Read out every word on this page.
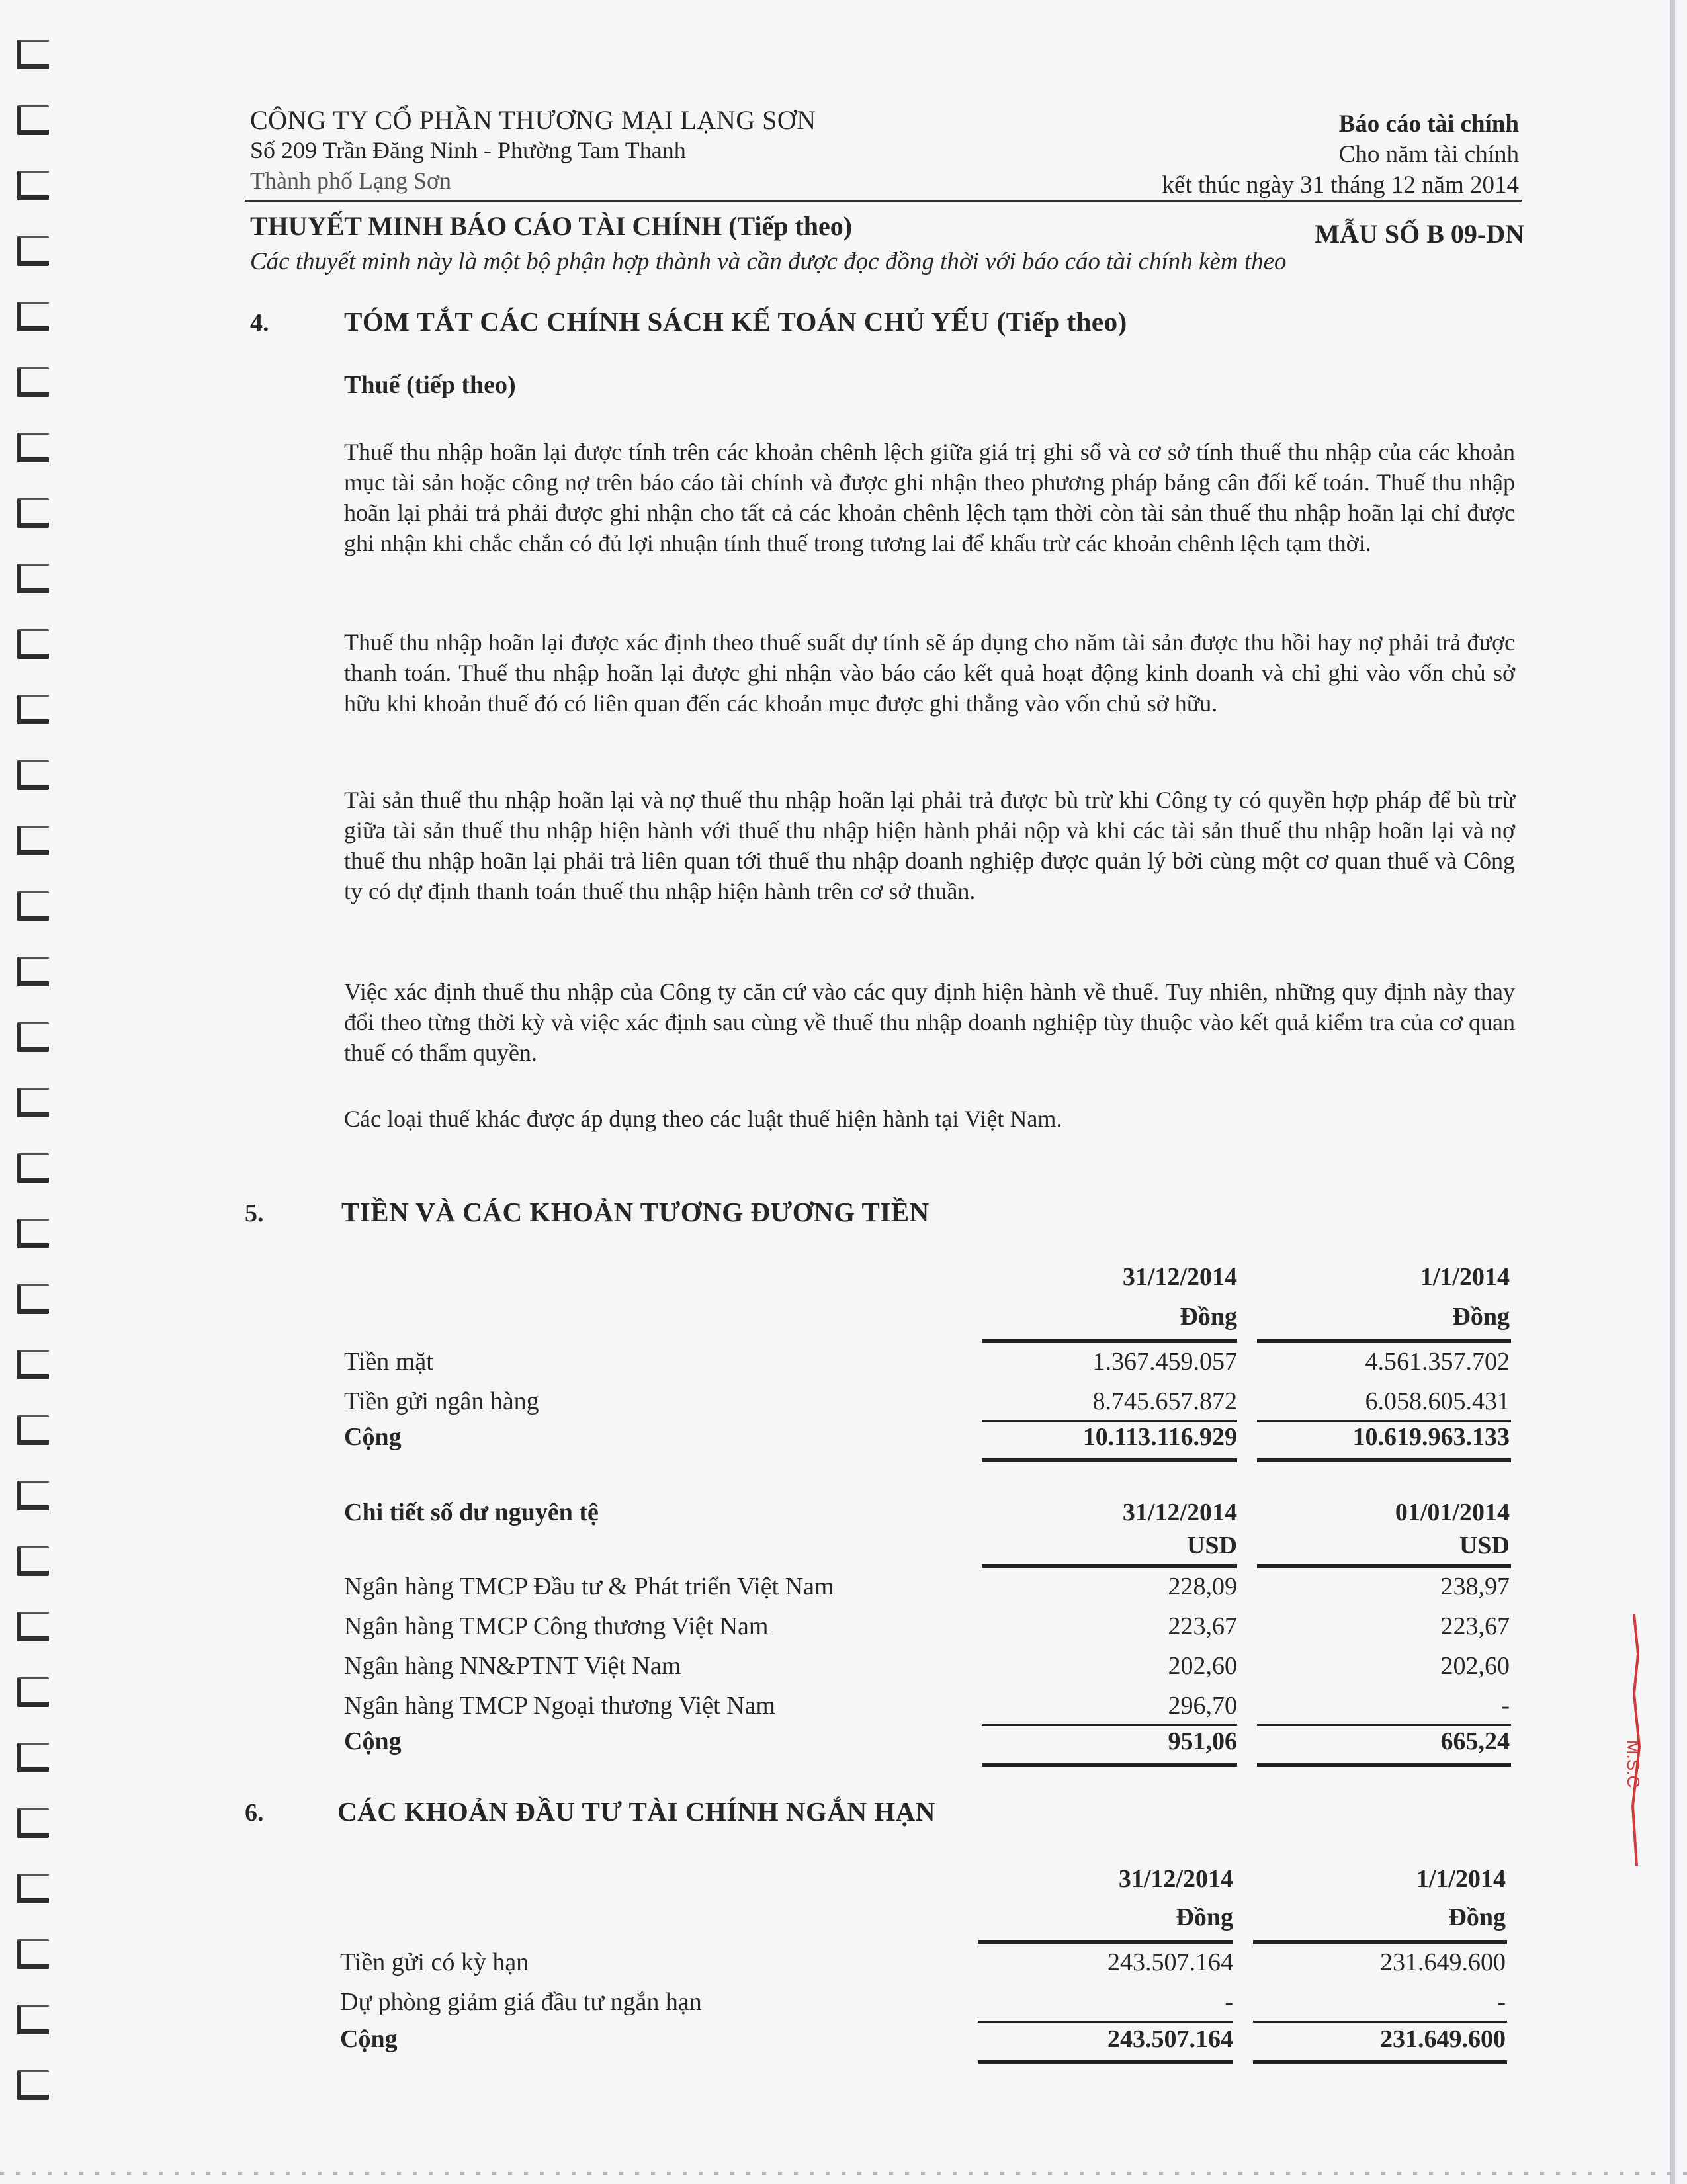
CÔNG TY CỔ PHẦN THƯƠNG MẠI LẠNG SƠN
Số 209 Trần Đăng Ninh - Phường Tam Thanh
Thành phố Lạng Sơn
Báo cáo tài chính
Cho năm tài chính
kết thúc ngày 31 tháng 12 năm 2014
THUYẾT MINH BÁO CÁO TÀI CHÍNH (Tiếp theo)	MẪU SỐ B 09-DN
Các thuyết minh này là một bộ phận hợp thành và cần được đọc đồng thời với báo cáo tài chính kèm theo
4.	TÓM TẮT CÁC CHÍNH SÁCH KẾ TOÁN CHỦ YẾU (Tiếp theo)
Thuế (tiếp theo)
Thuế thu nhập hoãn lại được tính trên các khoản chênh lệch giữa giá trị ghi sổ và cơ sở tính thuế thu nhập của các khoản mục tài sản hoặc công nợ trên báo cáo tài chính và được ghi nhận theo phương pháp bảng cân đối kế toán. Thuế thu nhập hoãn lại phải trả phải được ghi nhận cho tất cả các khoản chênh lệch tạm thời còn tài sản thuế thu nhập hoãn lại chỉ được ghi nhận khi chắc chắn có đủ lợi nhuận tính thuế trong tương lai để khấu trừ các khoản chênh lệch tạm thời.
Thuế thu nhập hoãn lại được xác định theo thuế suất dự tính sẽ áp dụng cho năm tài sản được thu hồi hay nợ phải trả được thanh toán. Thuế thu nhập hoãn lại được ghi nhận vào báo cáo kết quả hoạt động kinh doanh và chỉ ghi vào vốn chủ sở hữu khi khoản thuế đó có liên quan đến các khoản mục được ghi thẳng vào vốn chủ sở hữu.
Tài sản thuế thu nhập hoãn lại và nợ thuế thu nhập hoãn lại phải trả được bù trừ khi Công ty có quyền hợp pháp để bù trừ giữa tài sản thuế thu nhập hiện hành với thuế thu nhập hiện hành phải nộp và khi các tài sản thuế thu nhập hoãn lại và nợ thuế thu nhập hoãn lại phải trả liên quan tới thuế thu nhập doanh nghiệp được quản lý bởi cùng một cơ quan thuế và Công ty có dự định thanh toán thuế thu nhập hiện hành trên cơ sở thuần.
Việc xác định thuế thu nhập của Công ty căn cứ vào các quy định hiện hành về thuế. Tuy nhiên, những quy định này thay đổi theo từng thời kỳ và việc xác định sau cùng về thuế thu nhập doanh nghiệp tùy thuộc vào kết quả kiểm tra của cơ quan thuế có thẩm quyền.
Các loại thuế khác được áp dụng theo các luật thuế hiện hành tại Việt Nam.
5.	TIỀN VÀ CÁC KHOẢN TƯƠNG ĐƯƠNG TIỀN
31/12/2014	1/1/2014
Đồng	Đồng
Tiền mặt	1.367.459.057	4.561.357.702
Tiền gửi ngân hàng	8.745.657.872	6.058.605.431
Cộng	10.113.116.929	10.619.963.133
Chi tiết số dư nguyên tệ	31/12/2014	01/01/2014
USD	USD
Ngân hàng TMCP Đầu tư & Phát triển Việt Nam	228,09	238,97
Ngân hàng TMCP Công thương Việt Nam	223,67	223,67
Ngân hàng NN&PTNT Việt Nam	202,60	202,60
Ngân hàng TMCP Ngoại thương Việt Nam	296,70	-
Cộng	951,06	665,24
6.	CÁC KHOẢN ĐẦU TƯ TÀI CHÍNH NGẮN HẠN
31/12/2014	1/1/2014
Đồng	Đồng
Tiền gửi có kỳ hạn	243.507.164	231.649.600
Dự phòng giảm giá đầu tư ngắn hạn	-	-
Cộng	243.507.164	231.649.600
M.S.C
